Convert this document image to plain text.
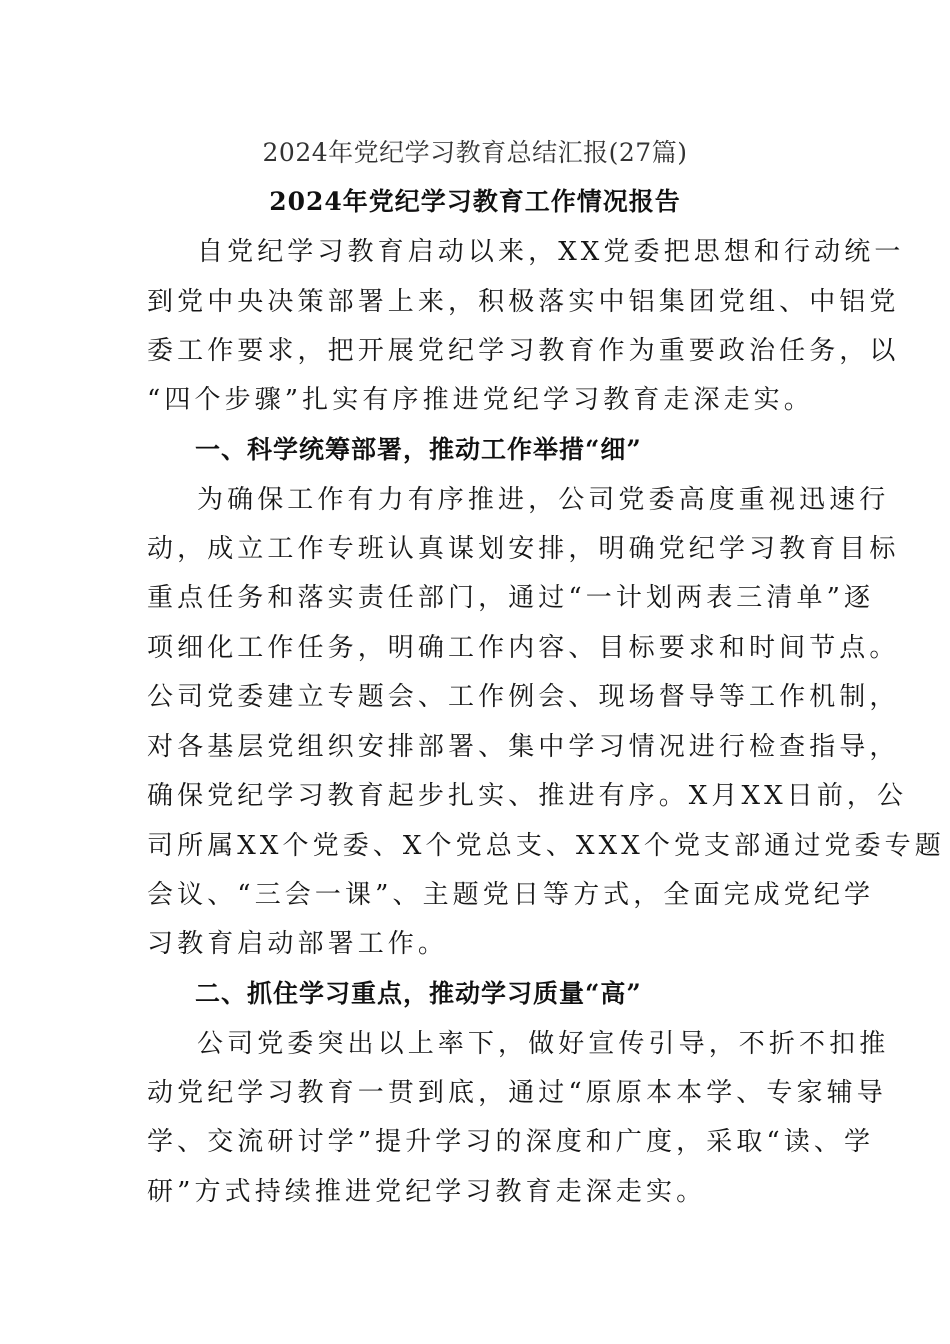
2024年党纪学习教育总结汇报(27篇)
2024年党纪学习教育工作情况报告
自党纪学习教育启动以来，XX党委把思想和行动统一
到党中央决策部署上来，积极落实中铝集团党组、中铝党
委工作要求，把开展党纪学习教育作为重要政治任务，以
“四个步骤”扎实有序推进党纪学习教育走深走实。
一、科学统筹部署，推动工作举措“细”
为确保工作有力有序推进，公司党委高度重视迅速行
动，成立工作专班认真谋划安排，明确党纪学习教育目标
重点任务和落实责任部门，通过“一计划两表三清单”逐
项细化工作任务，明确工作内容、目标要求和时间节点。
公司党委建立专题会、工作例会、现场督导等工作机制，
对各基层党组织安排部署、集中学习情况进行检查指导，
确保党纪学习教育起步扎实、推进有序。X月XX日前，公
司所属XX个党委、X个党总支、XXX个党支部通过党委专题
会议、“三会一课”、主题党日等方式，全面完成党纪学
习教育启动部署工作。
二、抓住学习重点，推动学习质量“高”
公司党委突出以上率下，做好宣传引导，不折不扣推
动党纪学习教育一贯到底，通过“原原本本学、专家辅导
学、交流研讨学”提升学习的深度和广度，采取“读、学
研”方式持续推进党纪学习教育走深走实。
